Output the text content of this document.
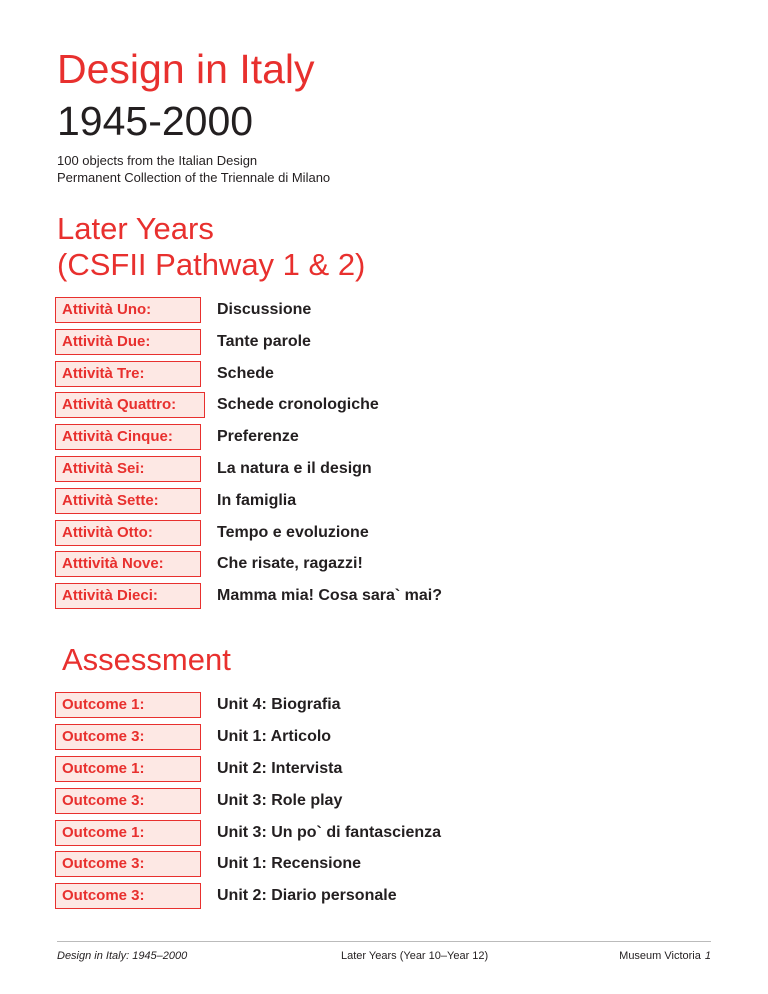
Design in Italy
1945-2000
100 objects from the Italian Design
Permanent Collection of the Triennale di Milano
Later Years
(CSFII Pathway 1 & 2)
Attività Uno:	Discussione
Attività Due:	Tante parole
Attività Tre:	Schede
Attività Quattro:	Schede cronologiche
Attività Cinque:	Preferenze
Attività Sei:	La natura e il design
Attività Sette:	In famiglia
Attività Otto:	Tempo e evoluzione
Atttività Nove:	Che risate, ragazzi!
Attività Dieci:	Mamma mia! Cosa sara` mai?
Assessment
Outcome 1:	Unit 4: Biografia
Outcome 3:	Unit 1: Articolo
Outcome 1:	Unit 2: Intervista
Outcome 3:	Unit 3: Role play
Outcome 1:	Unit 3: Un po` di fantascienza
Outcome 3:	Unit 1: Recensione
Outcome 3:	Unit 2: Diario personale
Design in Italy: 1945–2000	Later Years (Year 10–Year 12)	Museum Victoria 1
